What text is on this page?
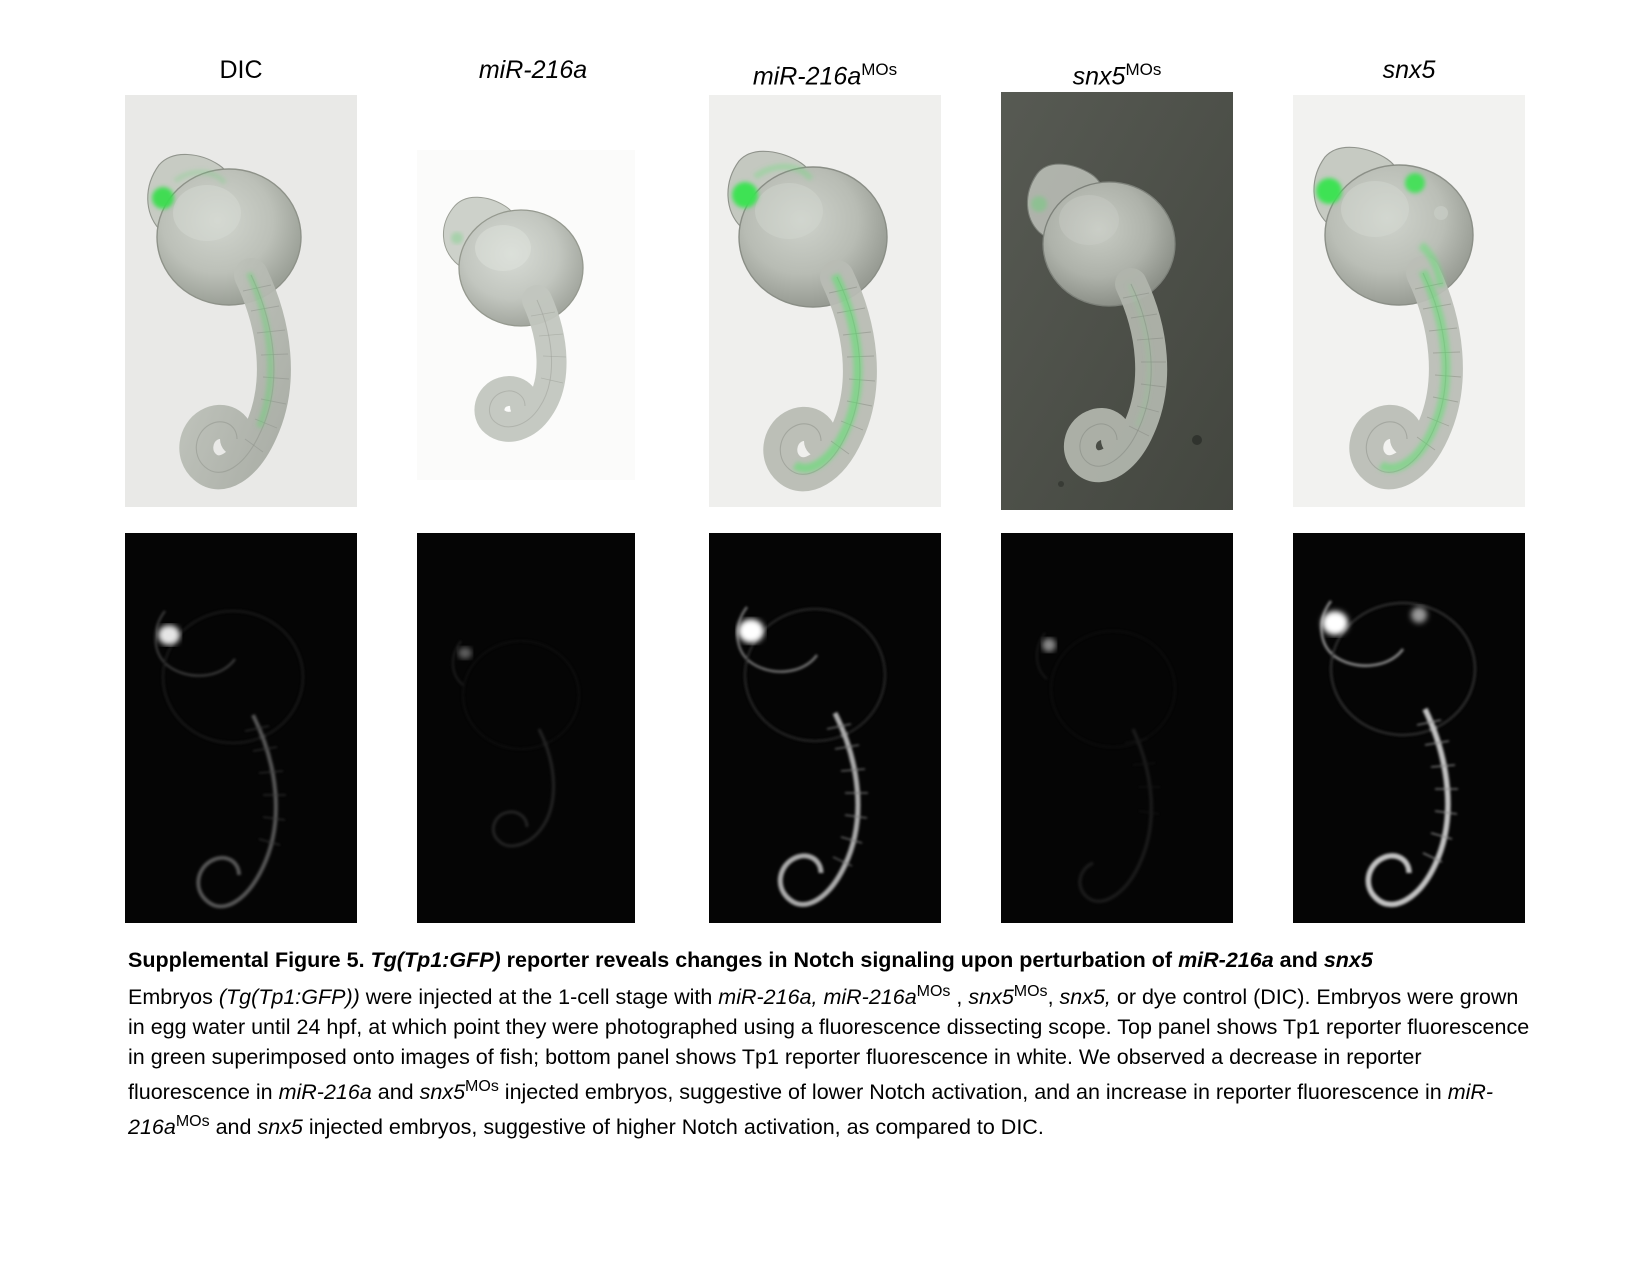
DIC	miR-216a	miR-$216a^{MOs}$	$snx5^{MOs}$	snx5
Supplemental Figure 5. Tg(Tp1:GFP) reporter reveals changes in Notch signaling upon perturbation of miR-216a and snx5
Embryos (Tg(Tp1:GFP)) were injected at the 1-cell stage with miR-216a, miR-$216a^{MOs}$ , $snx5^{MOs}$, snx5, or dye control (DIC). Embryos were grown in egg water until 24 hpf, at which point they were photographed using a fluorescence dissecting scope. Top panel shows Tp1 reporter fluorescence in green superimposed onto images of fish; bottom panel shows Tp1 reporter fluorescence in white. We observed a decrease in reporter fluorescence in miR-216a and $snx5^{MOs}$ injected embryos, suggestive of lower Notch activation, and an increase in reporter fluorescence in miR-$216a^{MOs}$ and snx5 injected embryos, suggestive of higher Notch activation, as compared to DIC.
